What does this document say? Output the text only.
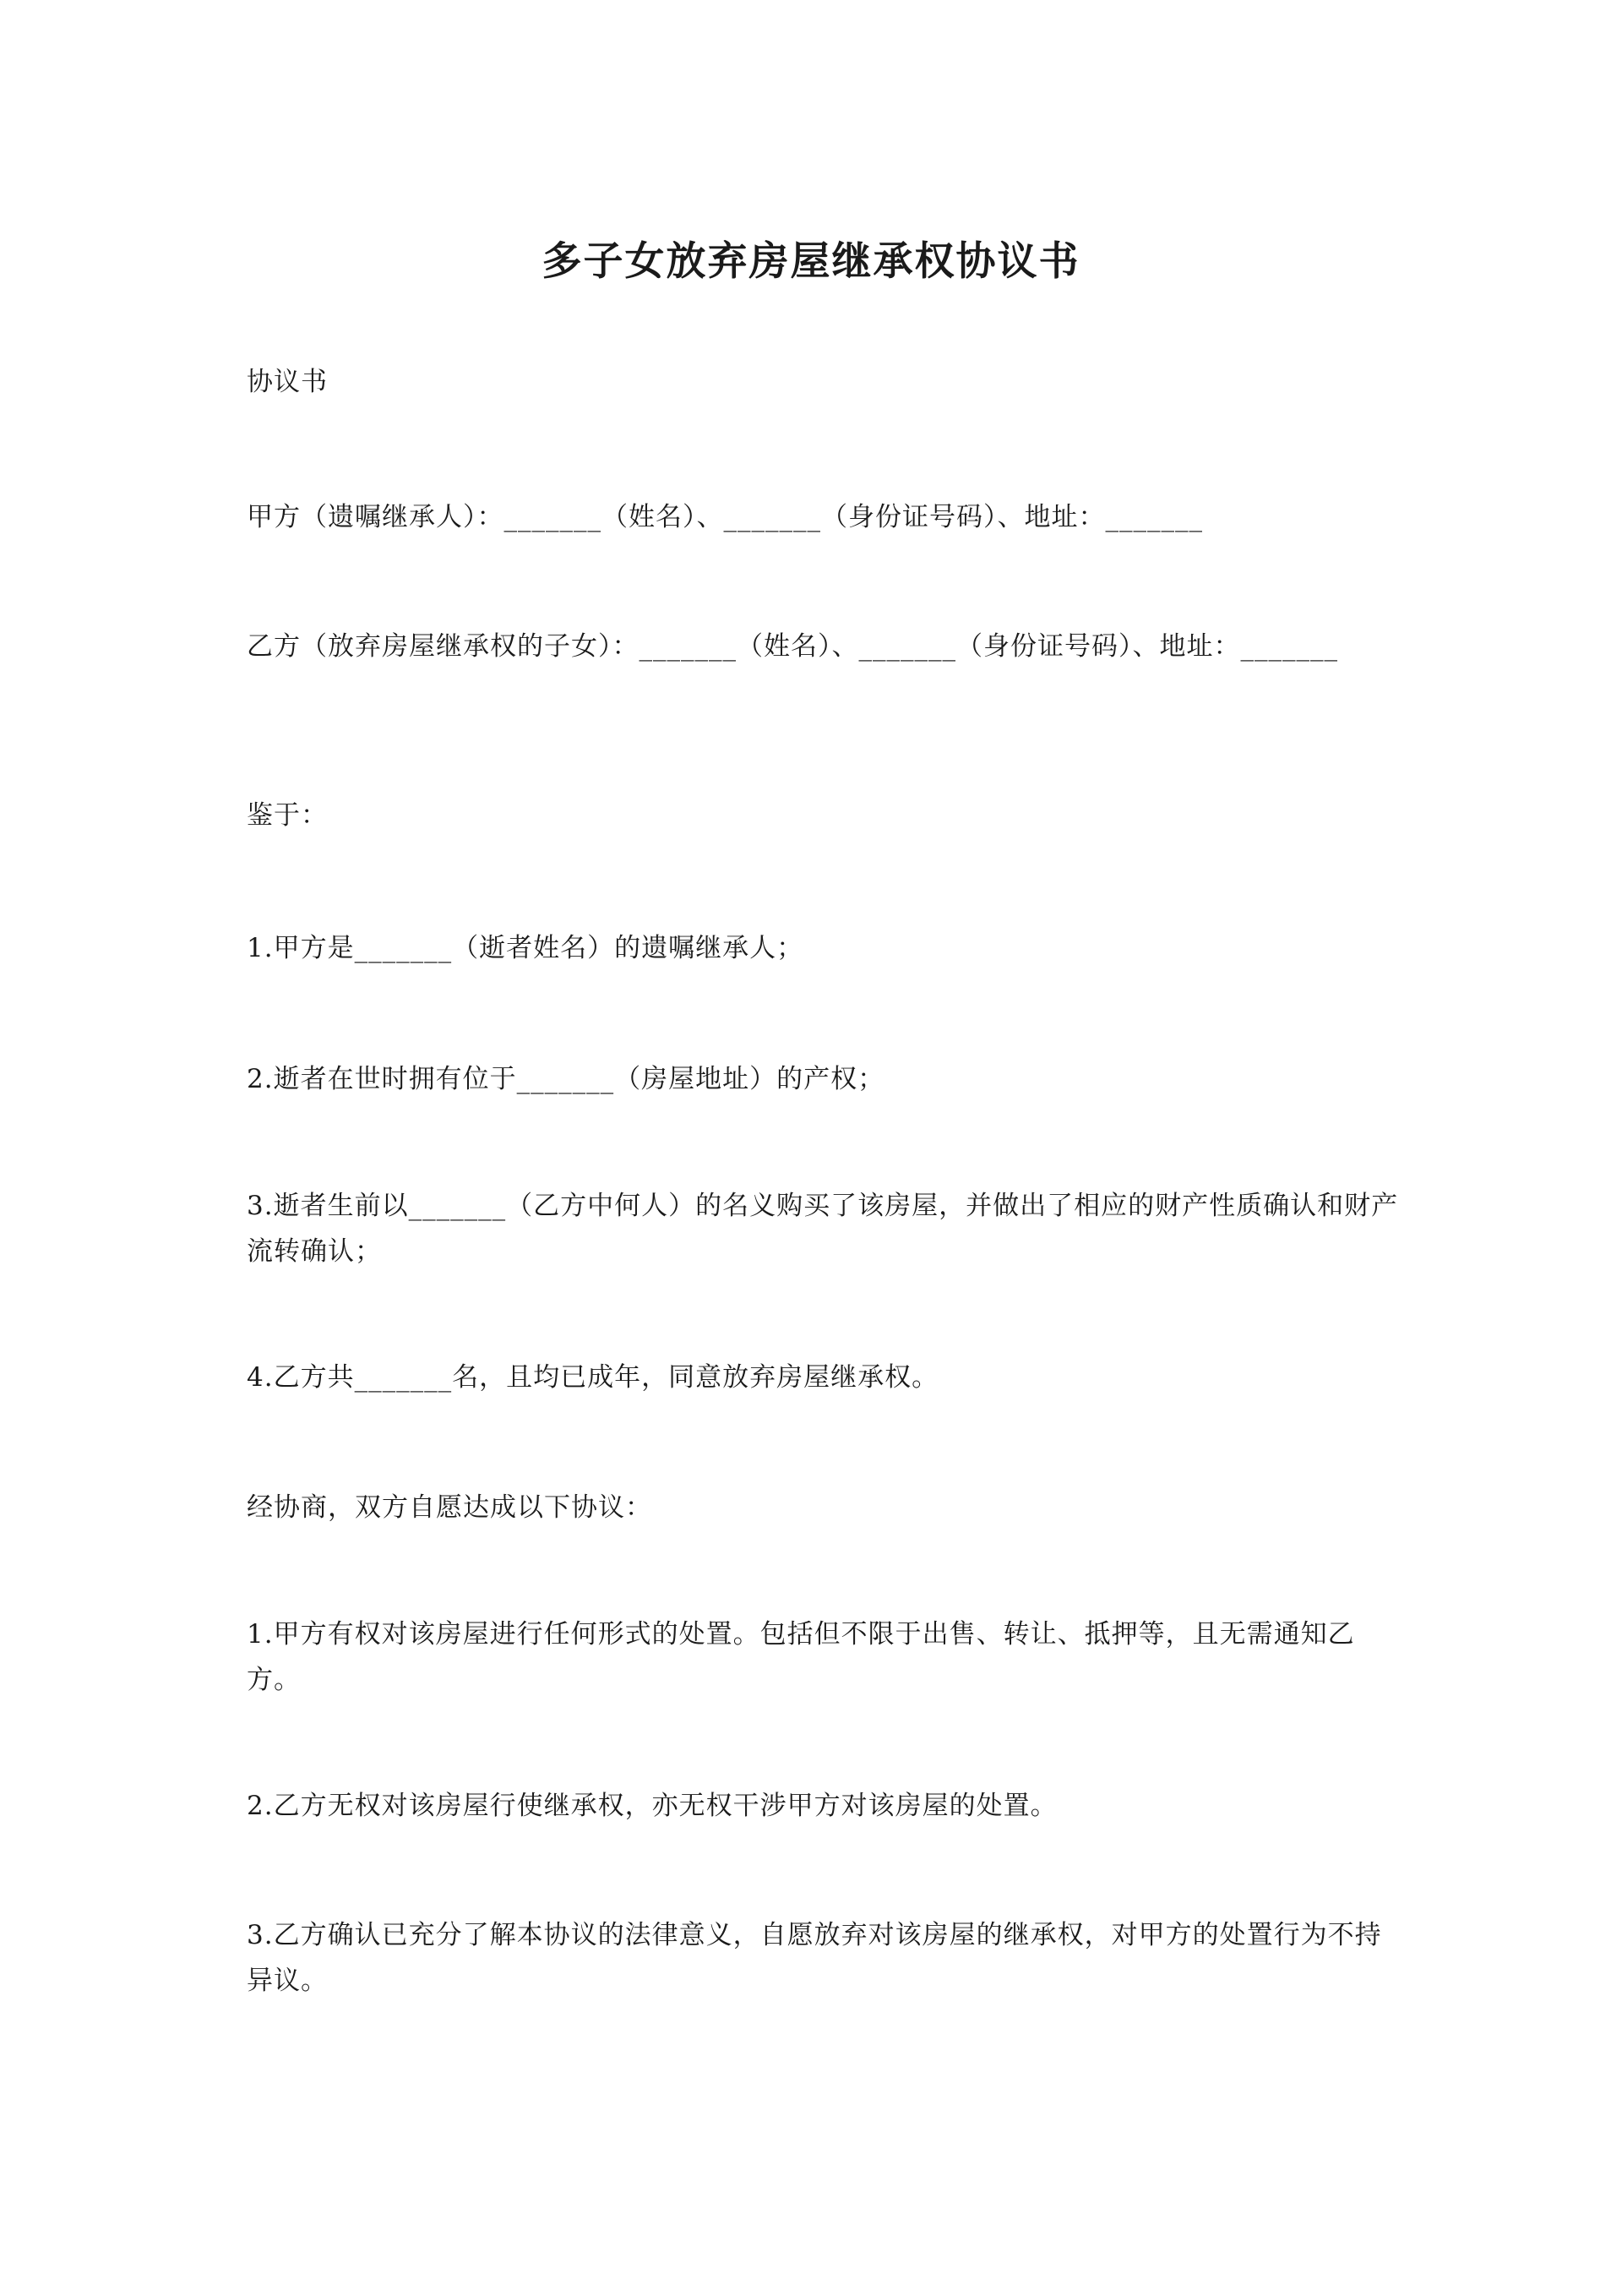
多子女放弃房屋继承权协议书

协议书

甲方（遗嘱继承人）：_______（姓名）、_______（身份证号码）、地址：_______

乙方（放弃房屋继承权的子女）：_______（姓名）、_______（身份证号码）、地址：_______

鉴于：

1.甲方是_______（逝者姓名）的遗嘱继承人；

2.逝者在世时拥有位于_______（房屋地址）的产权；

3.逝者生前以_______（乙方中何人）的名义购买了该房屋，并做出了相应的财产性质确认和财产流转确认；

4.乙方共_______名，且均已成年，同意放弃房屋继承权。

经协商，双方自愿达成以下协议：

1.甲方有权对该房屋进行任何形式的处置。包括但不限于出售、转让、抵押等，且无需通知乙方。

2.乙方无权对该房屋行使继承权，亦无权干涉甲方对该房屋的处置。

3.乙方确认已充分了解本协议的法律意义，自愿放弃对该房屋的继承权，对甲方的处置行为不持异议。
